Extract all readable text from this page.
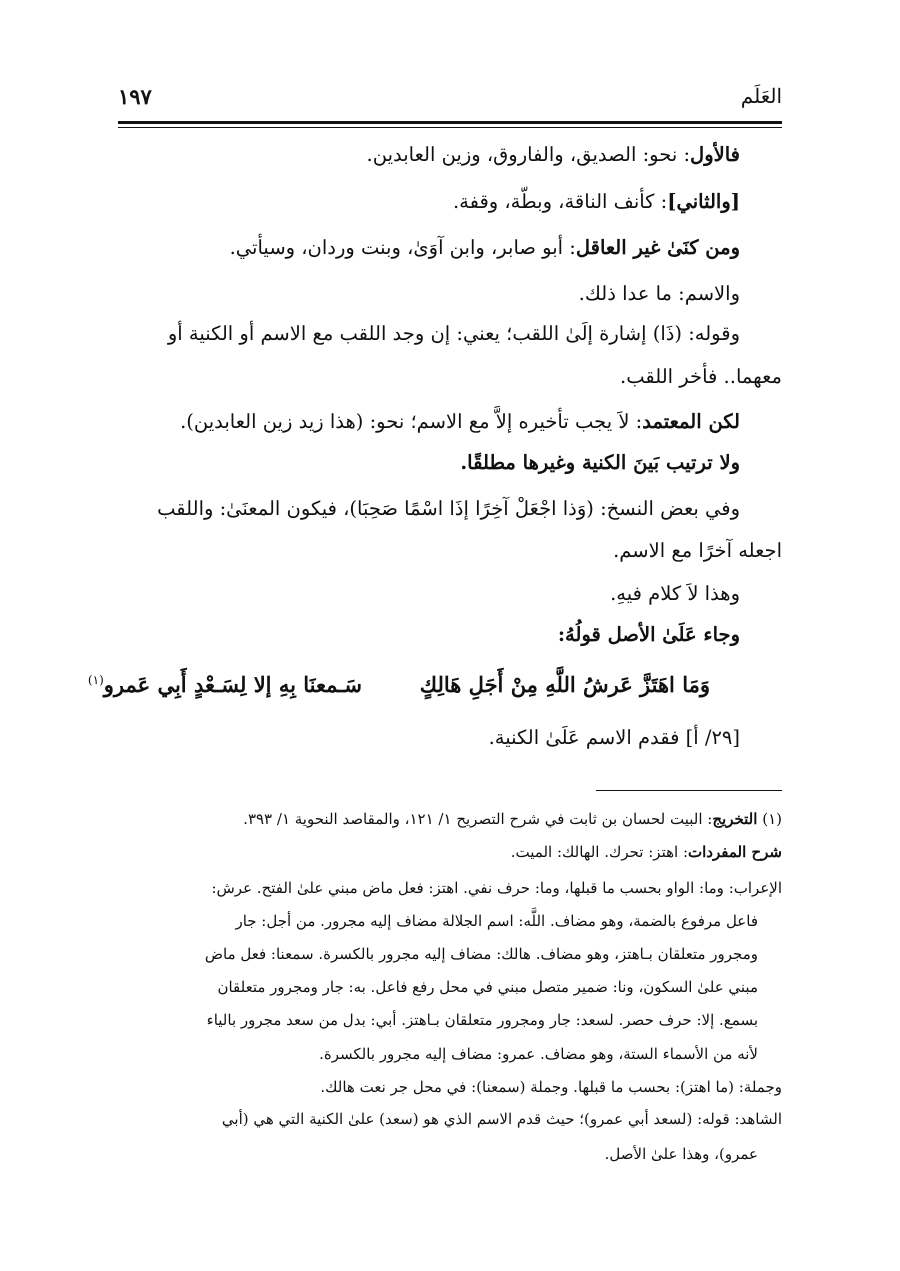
العَلَم
١٩٧
فالأول: نحو: الصديق، والفاروق، وزين العابدين.
[والثاني]: كأنف الناقة، وبطّة، وقفة.
ومن كنَىٰ غير العاقل: أبو صابر، وابن آوَىٰ، وبنت وردان، وسيأتي.
والاسم: ما عدا ذلك.
وقوله: (ذَا) إشارة إلَىٰ اللقب؛ يعني: إن وجد اللقب مع الاسم أو الكنية أو
معهما.. فأخر اللقب.
لكن المعتمد: لاَ يجب تأخيره إلاَّ مع الاسم؛ نحو: (هذا زيد زين العابدين).
ولا ترتيب بَينَ الكنية وغيرها مطلقًا.
وفي بعض النسخ: (وَذا اجْعَلْ آخِرًا إذَا اسْمًا صَحِبَا)، فيكون المعنَىٰ: واللقب
اجعله آخرًا مع الاسم.
وهذا لاَ كلام فيهِ.
وجاء عَلَىٰ الأصل قولُهُ:
[٢٩/ أ] فقدم الاسم عَلَىٰ الكنية.
وَمَا اهَتَزَّ عَرشُ اللَّهِ مِنْ أَجَلِ هَالِكٍ
سَـمعنَا بِهِ إلا لِسَـعْدٍ أَبِي عَمرو$^{(١)}$
(١) التخريج: البيت لحسان بن ثابت في شرح التصريح ١/ ١٢١، والمقاصد النحوية ١/ ٣٩٣.
شرح المفردات: اهتز: تحرك. الهالك: الميت.
الإعراب: وما: الواو بحسب ما قبلها، وما: حرف نفي. اهتز: فعل ماض مبني علىٰ الفتح. عرش:
فاعل مرفوع بالضمة، وهو مضاف. اللَّه: اسم الجلالة مضاف إليه مجرور. من أجل: جار
ومجرور متعلقان بـاهتز، وهو مضاف. هالك: مضاف إليه مجرور بالكسرة. سمعنا: فعل ماض
مبني علىٰ السكون، ونا: ضمير متصل مبني في محل رفع فاعل. به: جار ومجرور متعلقان
بسمع. إلا: حرف حصر. لسعد: جار ومجرور متعلقان بـاهتز. أبي: بدل من سعد مجرور بالياء
لأنه من الأسماء الستة، وهو مضاف. عمرو: مضاف إليه مجرور بالكسرة.
وجملة: (ما اهتز): بحسب ما قبلها. وجملة (سمعنا): في محل جر نعت هالك.
الشاهد: قوله: (لسعد أبي عمرو)؛ حيث قدم الاسم الذي هو (سعد) علىٰ الكنية التي هي (أبي
عمرو)، وهذا علىٰ الأصل.
